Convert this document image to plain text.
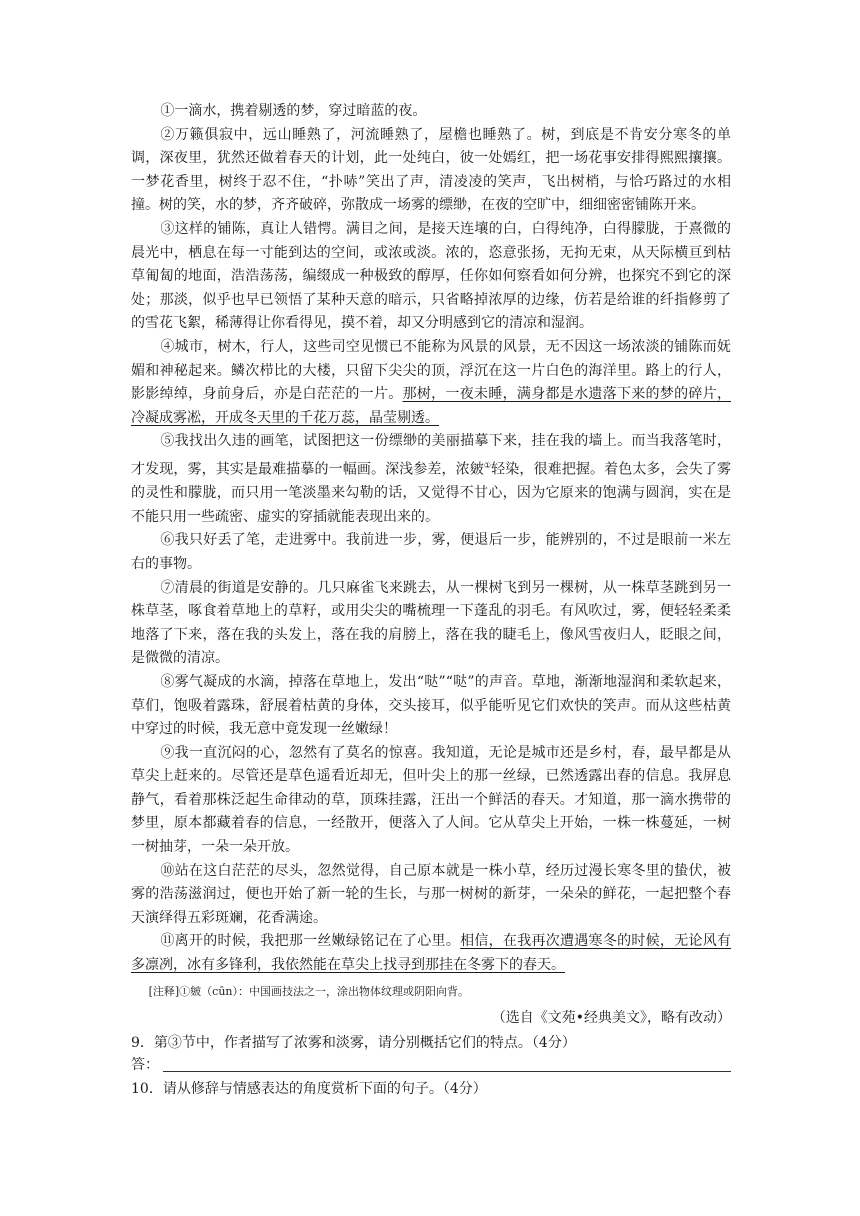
①一滴水，携着剔透的梦，穿过暗蓝的夜。

②万籁俱寂中，远山睡熟了，河流睡熟了，屋檐也睡熟了。树，到底是不肯安分寒冬的单调，深夜里，犹然还做着春天的计划，此一处纯白，彼一处嫣红，把一场花事安排得熙熙攘攘。一梦花香里，树终于忍不住，“扑哧”笑出了声，清凌凌的笑声，飞出树梢，与恰巧路过的水相撞。树的笑，水的梦，齐齐破碎，弥散成一场雾的缥缈，在夜的空旷中，细细密密铺陈开来。

③这样的铺陈，真让人错愕。满目之间，是接天连壤的白，白得纯净，白得朦胧，于熹微的晨光中，栖息在每一寸能到达的空间，或浓或淡。浓的，恣意张扬，无拘无束，从天际横亘到枯草匍匐的地面，浩浩荡荡，编缀成一种极致的醇厚，任你如何察看如何分辨，也探究不到它的深处；那淡，似乎也早已领悟了某种天意的暗示，只省略掉浓厚的边缘，仿若是给谁的纤指修剪了的雪花飞絮，稀薄得让你看得见，摸不着，却又分明感到它的清凉和湿润。

④城市，树木，行人，这些司空见惯已不能称为风景的风景，无不因这一场浓淡的铺陈而妩媚和神秘起来。鳞次栉比的大楼，只留下尖尖的顶，浮沉在这一片白色的海洋里。路上的行人，影影绰绰，身前身后，亦是白茫茫的一片。那树，一夜未睡，满身都是水遗落下来的梦的碎片，冷凝成雾凇，开成冬天里的千花万蕊，晶莹剔透。

⑤我找出久违的画笔，试图把这一份缥缈的美丽描摹下来，挂在我的墙上。而当我落笔时，才发现，雾，其实是最难描摹的一幅画。深浅参差，浓皴①轻染，很难把握。着色太多，会失了雾的灵性和朦胧，而只用一笔淡墨来勾勒的话，又觉得不甘心，因为它原来的饱满与圆润，实在是不能只用一些疏密、虚实的穿插就能表现出来的。

⑥我只好丢了笔，走进雾中。我前进一步，雾，便退后一步，能辨别的，不过是眼前一米左右的事物。

⑦清晨的街道是安静的。几只麻雀飞来跳去，从一棵树飞到另一棵树，从一株草茎跳到另一株草茎，啄食着草地上的草籽，或用尖尖的嘴梳理一下蓬乱的羽毛。有风吹过，雾，便轻轻柔柔地落了下来，落在我的头发上，落在我的肩膀上，落在我的睫毛上，像风雪夜归人，眨眼之间，是微微的清凉。

⑧雾气凝成的水滴，掉落在草地上，发出“哒”“哒”的声音。草地，渐渐地湿润和柔软起来，草们，饱吸着露珠，舒展着枯黄的身体，交头接耳，似乎能听见它们欢快的笑声。而从这些枯黄中穿过的时候，我无意中竟发现一丝嫩绿！

⑨我一直沉闷的心，忽然有了莫名的惊喜。我知道，无论是城市还是乡村，春，最早都是从草尖上赶来的。尽管还是草色遥看近却无，但叶尖上的那一丝绿，已然透露出春的信息。我屏息静气，看着那株泛起生命律动的草，顶珠挂露，汪出一个鲜活的春天。才知道，那一滴水携带的梦里，原本都藏着春的信息，一经散开，便落入了人间。它从草尖上开始，一株一株蔓延，一树一树抽芽，一朵一朵开放。

⑩站在这白茫茫的尽头，忽然觉得，自己原本就是一株小草，经历过漫长寒冬里的蛰伏，被雾的浩荡滋润过，便也开始了新一轮的生长，与那一树树的新芽，一朵朵的鲜花，一起把整个春天演绎得五彩斑斓，花香满途。

⑪离开的时候，我把那一丝嫩绿铭记在了心里。相信，在我再次遭遇寒冬的时候，无论风有多凛冽，冰有多锋利，我依然能在草尖上找寻到那挂在冬雾下的春天。

[注释]①皴（cūn）：中国画技法之一，涂出物体纹理或阴阳向背。

（选自《文苑•经典美文》，略有改动）

9．第③节中，作者描写了浓雾和淡雾，请分别概括它们的特点。（4分）

答：

10．请从修辞与情感表达的角度赏析下面的句子。（4分）
